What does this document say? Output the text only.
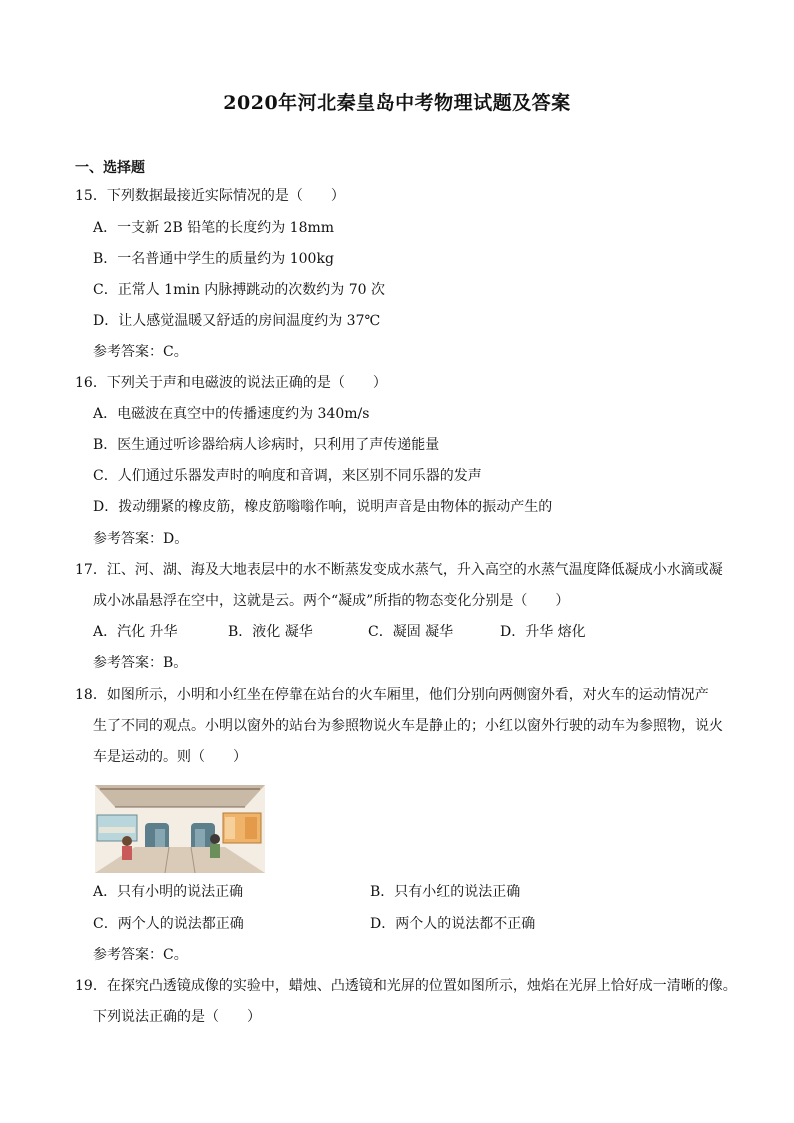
2020年河北秦皇岛中考物理试题及答案
一、选择题
15．下列数据最接近实际情况的是（　　）
A．一支新 2B 铅笔的长度约为 18mm
B．一名普通中学生的质量约为 100kg
C．正常人 1min 内脉搏跳动的次数约为 70 次
D．让人感觉温暖又舒适的房间温度约为 37℃
参考答案：C。
16．下列关于声和电磁波的说法正确的是（　　）
A．电磁波在真空中的传播速度约为 340m/s
B．医生通过听诊器给病人诊病时，只利用了声传递能量
C．人们通过乐器发声时的响度和音调，来区别不同乐器的发声
D．拨动绷紧的橡皮筋，橡皮筋嗡嗡作响，说明声音是由物体的振动产生的
参考答案：D。
17．江、河、湖、海及大地表层中的水不断蒸发变成水蒸气，升入高空的水蒸气温度降低凝成小水滴或凝
成小冰晶悬浮在空中，这就是云。两个“凝成”所指的物态变化分别是（　　）
A．汽化 升华	B．液化 凝华	C．凝固 凝华	D．升华 熔化
参考答案：B。
18．如图所示，小明和小红坐在停靠在站台的火车厢里，他们分别向两侧窗外看，对火车的运动情况产
生了不同的观点。小明以窗外的站台为参照物说火车是静止的；小红以窗外行驶的动车为参照物，说火
车是运动的。则（　　）
A．只有小明的说法正确	B．只有小红的说法正确
C．两个人的说法都正确	D．两个人的说法都不正确
参考答案：C。
19．在探究凸透镜成像的实验中，蜡烛、凸透镜和光屏的位置如图所示，烛焰在光屏上恰好成一清晰的像。
下列说法正确的是（　　）
